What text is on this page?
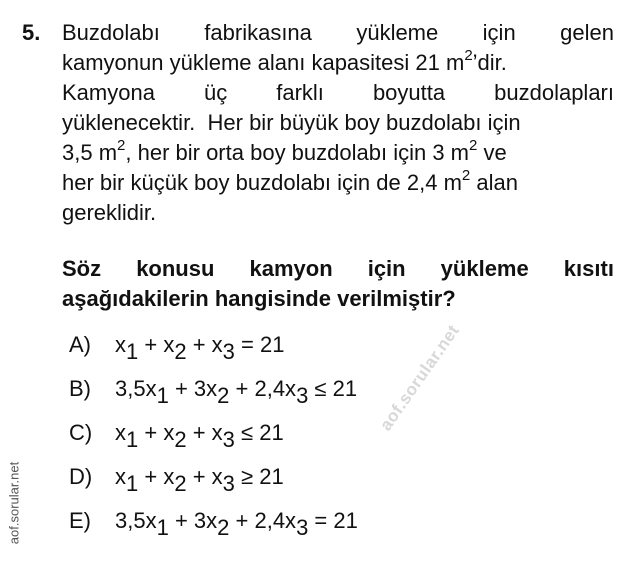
5. Buzdolabı fabrikasına yükleme için gelen
kamyonun yükleme alanı kapasitesi 21 $m^2’dir$.
Kamyona üç farklı boyutta buzdolapları
yüklenecektir.  Her bir büyük boy buzdolabı için
3,5 $m^2$, her bir orta boy buzdolabı için 3 $m^2$ ve
her bir küçük boy buzdolabı için de 2,4 $m^2$ alan
gereklidir.
Söz konusu kamyon için yükleme kısıtı
aşağıdakilerin hangisinde verilmiştir?
A)	$x_1 + x_2 + x_3 = 21$
B)	$3,5x_1 + 3x_2 + 2,4x_3 \le 21$
C)	$x_1 + x_2 + x_3 \le 21$
D)	$x_1 + x_2 + x_3 \ge 21$
E)	$3,5x_1 + 3x_2 + 2,4x_3 = 21$
aof.sorular.net
aof.sorular.net
